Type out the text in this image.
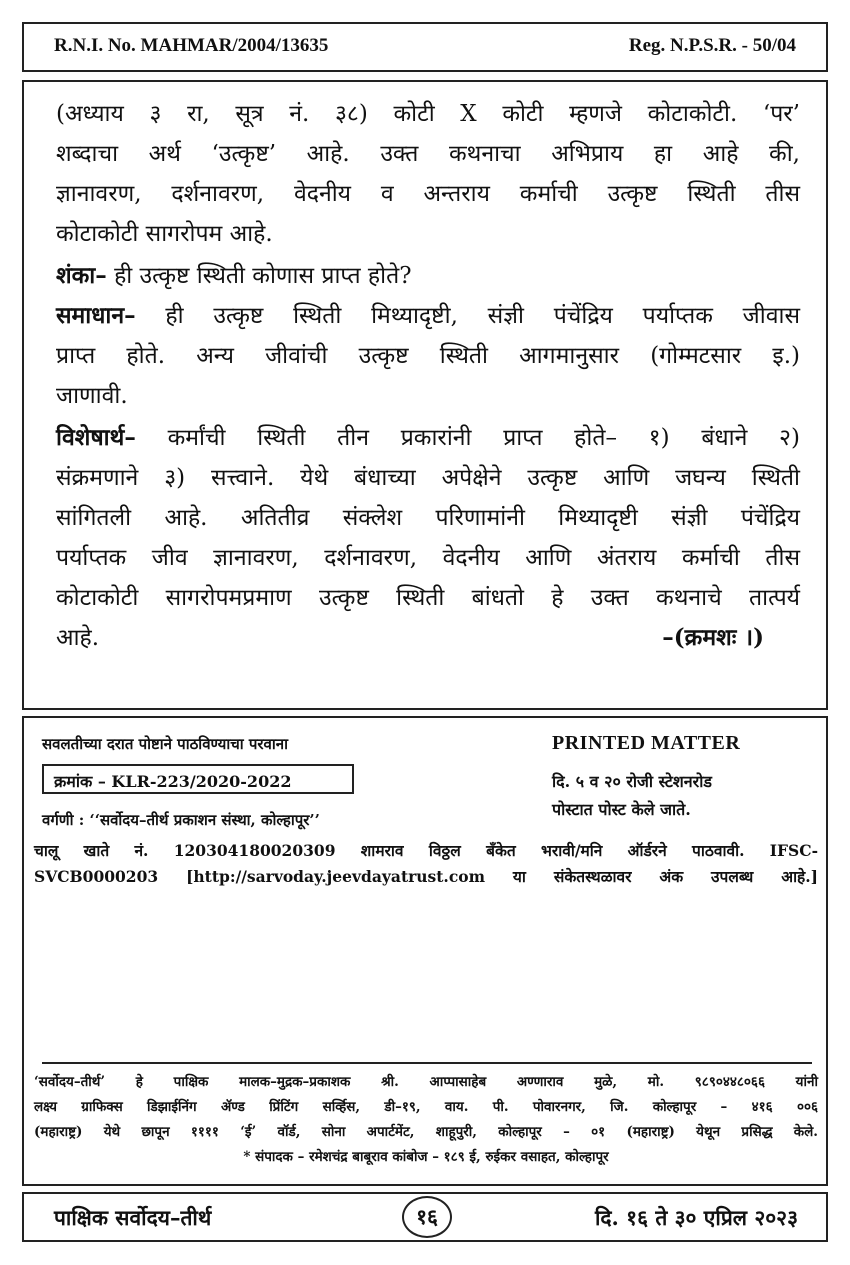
R.N.I. No. MAHMAR/2004/13635	Reg. N.P.S.R. - 50/04
(अध्याय ३ रा, सूत्र नं. ३८) कोटी X कोटी म्हणजे कोटाकोटी. ‘पर’
शब्दाचा अर्थ ‘उत्कृष्ट’ आहे. उक्त कथनाचा अभिप्राय हा आहे की,
ज्ञानावरण, दर्शनावरण, वेदनीय व अन्तराय कर्माची उत्कृष्ट स्थिती तीस
कोटाकोटी सागरोपम आहे.
शंका– ही उत्कृष्ट स्थिती कोणास प्राप्त होते?
समाधान– ही उत्कृष्ट स्थिती मिथ्यादृष्टी, संज्ञी पंचेंद्रिय पर्याप्तक जीवास
प्राप्त होते. अन्य जीवांची उत्कृष्ट स्थिती आगमानुसार (गोम्मटसार इ.)
जाणावी.
विशेषार्थ– कर्मांची स्थिती तीन प्रकारांनी प्राप्त होते– १) बंधाने २)
संक्रमणाने ३) सत्त्वाने. येथे बंधाच्या अपेक्षेने उत्कृष्ट आणि जघन्य स्थिती
सांगितली आहे. अतितीव्र संक्लेश परिणामांनी मिथ्यादृष्टी संज्ञी पंचेंद्रिय
पर्याप्तक जीव ज्ञानावरण, दर्शनावरण, वेदनीय आणि अंतराय कर्माची तीस
कोटाकोटी सागरोपमप्रमाण उत्कृष्ट स्थिती बांधतो हे उक्त कथनाचे तात्पर्य
आहे.	–(क्रमशः ।)
सवलतीच्या दरात पोष्टाने पाठविण्याचा परवाना
क्रमांक – KLR-223/2020-2022
वर्गणी : ‘‘सर्वोदय–तीर्थ प्रकाशन संस्था, कोल्हापूर’’
PRINTED MATTER
दि. ५ व २० रोजी स्टेशनरोड
पोस्टात पोस्ट केले जाते.
चालू खाते नं. 120304180020309 शामराव विठ्ठल बँकेत भरावी/मनि ऑर्डरने पाठवावी. IFSC-
SVCB0000203 [http://sarvoday.jeevdayatrust.com या संकेतस्थळावर अंक उपलब्ध आहे.]
‘सर्वोदय–तीर्थ’ हे पाक्षिक मालक–मुद्रक–प्रकाशक श्री. आप्पासाहेब अण्णाराव मुळे, मो. ९८९०४४८०६६ यांनी
लक्ष्य ग्राफिक्स डिझाईनिंग ॲण्ड प्रिंटिंग सर्व्हिस, डी–१९, वाय. पी. पोवारनगर, जि. कोल्हापूर – ४१६ ००६
(महाराष्ट्र) येथे छापून ११११ ‘ई’ वॉर्ड, सोना अपार्टमेंट, शाहूपुरी, कोल्हापूर – ०१ (महाराष्ट्र) येथून प्रसिद्ध केले.
* संपादक – रमेशचंद्र बाबूराव कांबोज – १८९ ई, रुईकर वसाहत, कोल्हापूर
पाक्षिक सर्वोदय–तीर्थ	१६	दि. १६ ते ३० एप्रिल २०२३
